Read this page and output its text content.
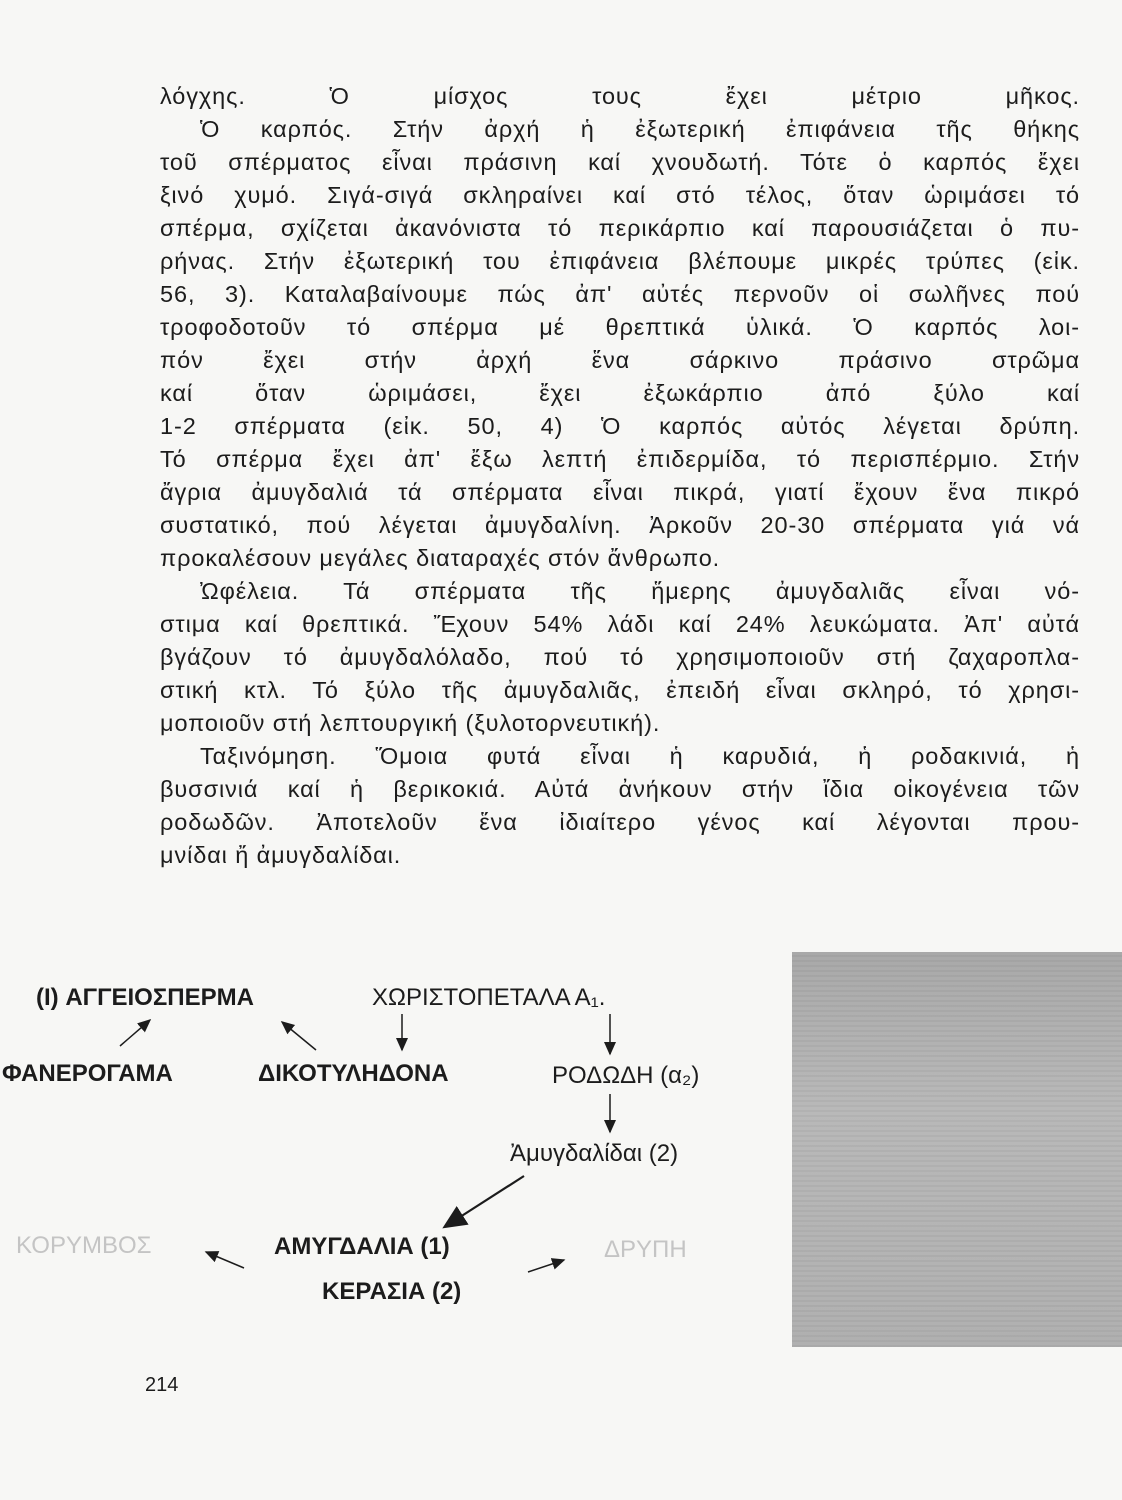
λόγχης. Ὁ μίσχος τους ἔχει μέτριο μῆκος.
Ὁ καρπός. Στήν ἀρχή ἡ ἐξωτερική ἐπιφάνεια τῆς θήκης
τοῦ σπέρματος εἶναι πράσινη καί χνουδωτή. Τότε ὁ καρπός ἔχει
ξινό χυμό. Σιγά-σιγά σκληραίνει καί στό τέλος, ὅταν ὡριμάσει τό
σπέρμα, σχίζεται ἀκανόνιστα τό περικάρπιο καί παρουσιάζεται ὁ πυ-
ρήνας. Στήν ἐξωτερική του ἐπιφάνεια βλέπουμε μικρές τρύπες (εἰκ.
56, 3). Καταλαβαίνουμε πώς ἀπ' αὐτές περνοῦν οἱ σωλῆνες πού
τροφοδοτοῦν τό σπέρμα μέ θρεπτικά ὑλικά. Ὁ καρπός λοι-
πόν ἔχει στήν ἀρχή ἕνα σάρκινο πράσινο στρῶμα
καί ὅταν ὡριμάσει, ἔχει ἐξωκάρπιο ἀπό ξύλο καί
1-2 σπέρματα (εἰκ. 50, 4) Ὁ καρπός αὐτός λέγεται δρύπη.
Τό σπέρμα ἔχει ἀπ' ἔξω λεπτή ἐπιδερμίδα, τό περισπέρμιο. Στήν
ἄγρια ἀμυγδαλιά τά σπέρματα εἶναι πικρά, γιατί ἔχουν ἕνα πικρό
συστατικό, πού λέγεται ἀμυγδαλίνη. Ἀρκοῦν 20-30 σπέρματα γιά νά
προκαλέσουν μεγάλες διαταραχές στόν ἄνθρωπο.
Ὠφέλεια. Τά σπέρματα τῆς ἥμερης ἀμυγδαλιᾶς εἶναι νό-
στιμα καί θρεπτικά. Ἔχουν 54% λάδι καί 24% λευκώματα. Ἀπ' αὐτά
βγάζουν τό ἀμυγδαλόλαδο, πού τό χρησιμοποιοῦν στή ζαχαροπλα-
στική κτλ. Τό ξύλο τῆς ἀμυγδαλιᾶς, ἐπειδή εἶναι σκληρό, τό χρησι-
μοποιοῦν στή λεπτουργική (ξυλοτορνευτική).
Ταξινόμηση. Ὅμοια φυτά εἶναι ἡ καρυδιά, ἡ ροδακινιά, ἡ
βυσσινιά καί ἡ βερικοκιά. Αὐτά ἀνήκουν στήν ἴδια οἰκογένεια τῶν
ροδωδῶν. Ἀποτελοῦν ἕνα ἰδιαίτερο γένος καί λέγονται πρου-
μνίδαι ἤ ἀμυγδαλίδαι.
(I) ΑΓΓΕΙΟΣΠΕΡΜΑ	ΧΩΡΙΣΤΟΠΕΤΑΛΑ Α₁.
ΦΑΝΕΡΟΓΑΜΑ	ΔΙΚΟΤΥΛΗΔΟΝΑ	ΡΟΔΩΔΗ (α₂)
Ἀμυγδαλίδαι (2)
ΚΟΡΥΜΒΟΣ	ΑΜΥΓΔΑΛΙΑ (1)	ΔΡΥΠΗ
ΚΕΡΑΣΙΑ (2)
214
